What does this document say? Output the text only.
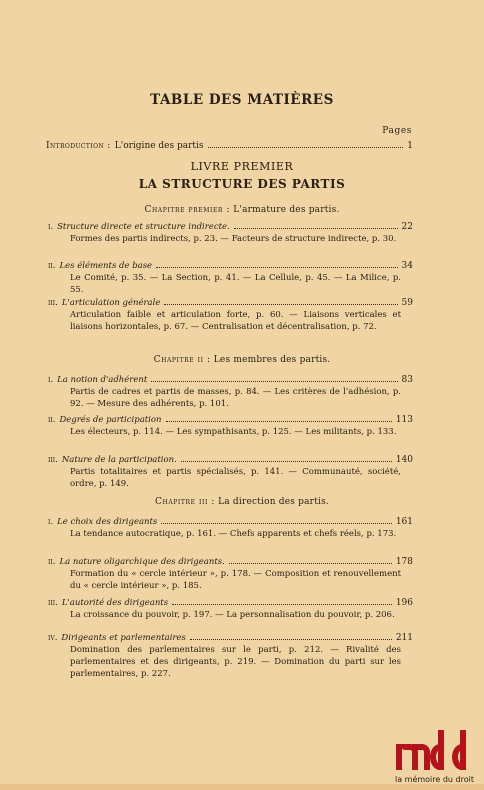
TABLE DES MATIÈRES
Pages
Introduction : L'origine des partis	1
LIVRE PREMIER
LA STRUCTURE DES PARTIS
Chapitre premier : L'armature des partis.
i. Structure directe et structure indirecte.	22
Formes des partis indirects, p. 23. — Facteurs de structure indirecte, p. 30.
ii. Les éléments de base	34
Le Comité, p. 35. — La Section, p. 41. — La Cellule, p. 45. — La Milice, p. 55.
iii. L'articulation générale	59
Articulation faible et articulation forte, p. 60. — Liaisons verticales et liaisons horizontales, p. 67. — Centralisation et décentralisation, p. 72.
Chapitre ii : Les membres des partis.
i. La notion d'adhérent	83
Partis de cadres et partis de masses, p. 84. — Les critères de l'adhésion, p. 92. — Mesure des adhérents, p. 101.
ii. Degrés de participation	113
Les électeurs, p. 114. — Les sympathisants, p. 125. — Les militants, p. 133.
iii. Nature de la participation.	140
Partis totalitaires et partis spécialisés, p. 141. — Communauté, société, ordre, p. 149.
Chapitre iii : La direction des partis.
i. Le choix des dirigeants	161
La tendance autocratique, p. 161. — Chefs apparents et chefs réels, p. 173.
ii. La nature oligarchique des dirigeants.	178
Formation du « cercle intérieur », p. 178. — Composition et renouvellement du « cercle intérieur », p. 185.
iii. L'autorité des dirigeants	196
La croissance du pouvoir, p. 197. — La personnalisation du pouvoir, p. 206.
iv. Dirigeants et parlementaires	211
Domination des parlementaires sur le parti, p. 212. — Rivalité des parlementaires et des dirigeants, p. 219. — Domination du parti sur les parlementaires, p. 227.
la mémoire du droit
